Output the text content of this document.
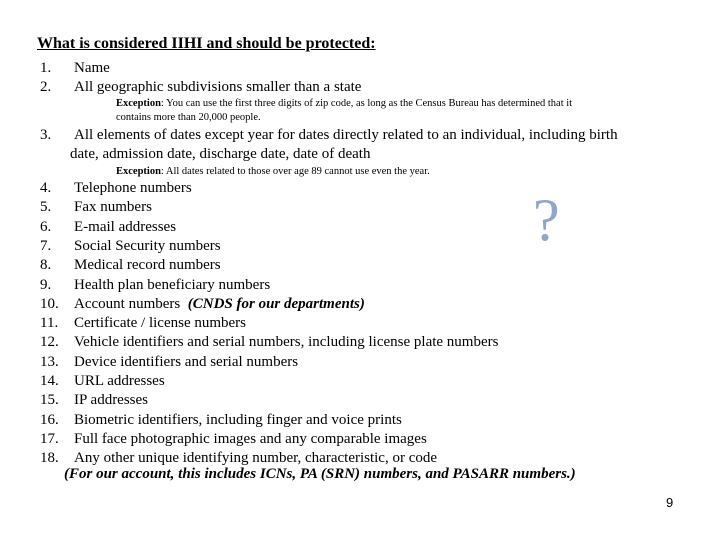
What is considered IIHI and should be protected:
1. Name
2. All geographic subdivisions smaller than a state
Exception: You can use the first three digits of zip code, as long as the Census Bureau has determined that it
contains more than 20,000 people.
3. All elements of dates except year for dates directly related to an individual, including birth
date, admission date, discharge date, date of death
Exception: All dates related to those over age 89 cannot use even the year.
4. Telephone numbers
5. Fax numbers
6. E-mail addresses
7. Social Security numbers
8. Medical record numbers
9. Health plan beneficiary numbers
10. Account numbers (CNDS for our departments)
11. Certificate / license numbers
12. Vehicle identifiers and serial numbers, including license plate numbers
13. Device identifiers and serial numbers
14. URL addresses
15. IP addresses
16. Biometric identifiers, including finger and voice prints
17. Full face photographic images and any comparable images
18. Any other unique identifying number, characteristic, or code
?
(For our account, this includes ICNs, PA (SRN) numbers, and PASARR numbers.)
9
